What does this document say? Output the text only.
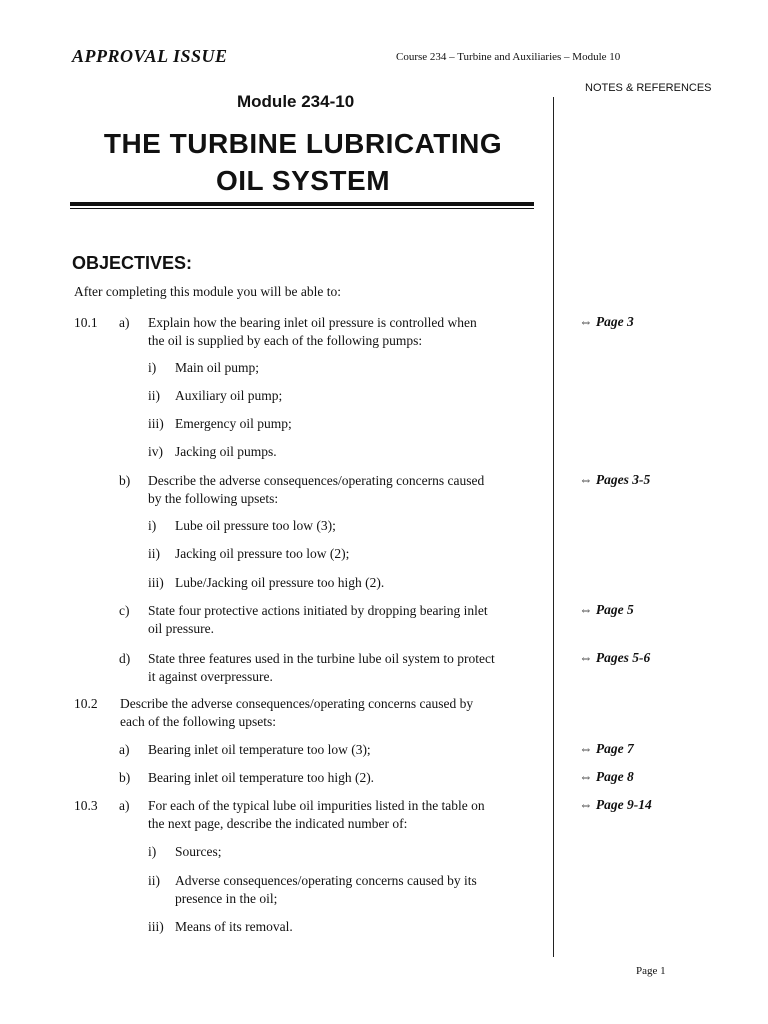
APPROVAL ISSUE	Course 234 – Turbine and Auxiliaries – Module 10
NOTES & REFERENCES
Module 234-10
THE TURBINE LUBRICATING
OIL SYSTEM
OBJECTIVES:
After completing this module you will be able to:
10.1 a) Explain how the bearing inlet oil pressure is controlled when
the oil is supplied by each of the following pumps:
⇔ Page 3
i) Main oil pump;
ii) Auxiliary oil pump;
iii) Emergency oil pump;
iv) Jacking oil pumps.
b) Describe the adverse consequences/operating concerns caused
by the following upsets:
⇔ Pages 3-5
i) Lube oil pressure too low (3);
ii) Jacking oil pressure too low (2);
iii) Lube/Jacking oil pressure too high (2).
c) State four protective actions initiated by dropping bearing inlet
oil pressure.
⇔ Page 5
d) State three features used in the turbine lube oil system to protect
it against overpressure.
⇔ Pages 5-6
10.2 Describe the adverse consequences/operating concerns caused by
each of the following upsets:
a) Bearing inlet oil temperature too low (3);	⇔ Page 7
b) Bearing inlet oil temperature too high (2).	⇔ Page 8
10.3 a) For each of the typical lube oil impurities listed in the table on
the next page, describe the indicated number of:
⇔ Page 9-14
i) Sources;
ii) Adverse consequences/operating concerns caused by its
presence in the oil;
iii) Means of its removal.
Page 1
